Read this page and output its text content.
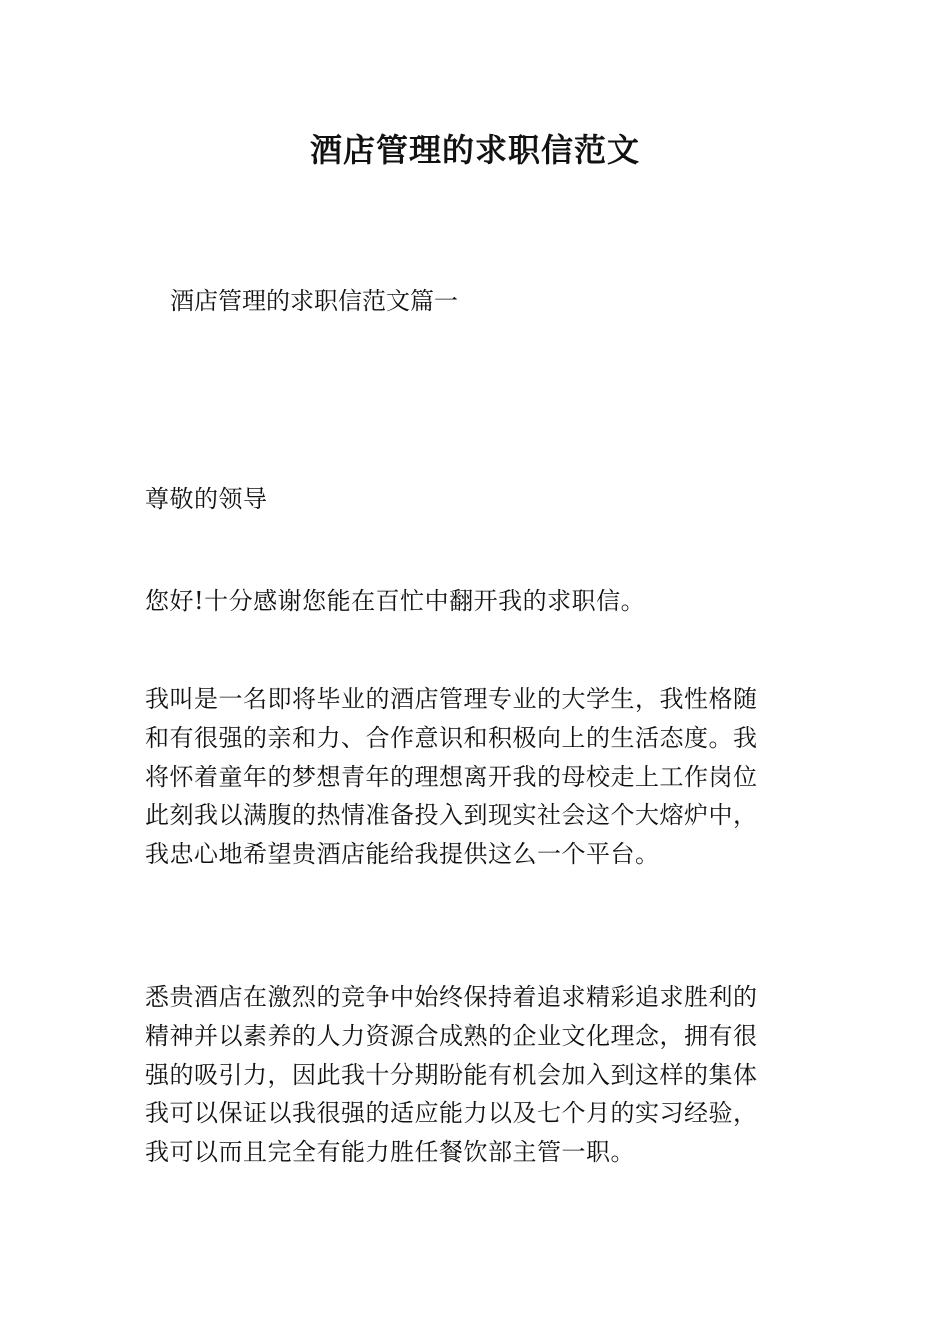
酒店管理的求职信范文
酒店管理的求职信范文篇一

尊敬的领导

您好!十分感谢您能在百忙中翻开我的求职信。

我叫是一名即将毕业的酒店管理专业的大学生，我性格随
和有很强的亲和力、合作意识和积极向上的生活态度。我
将怀着童年的梦想青年的理想离开我的母校走上工作岗位
此刻我以满腹的热情准备投入到现实社会这个大熔炉中，
我忠心地希望贵酒店能给我提供这么一个平台。

悉贵酒店在激烈的竞争中始终保持着追求精彩追求胜利的
精神并以素养的人力资源合成熟的企业文化理念，拥有很
强的吸引力，因此我十分期盼能有机会加入到这样的集体
我可以保证以我很强的适应能力以及七个月的实习经验，
我可以而且完全有能力胜任餐饮部主管一职。
